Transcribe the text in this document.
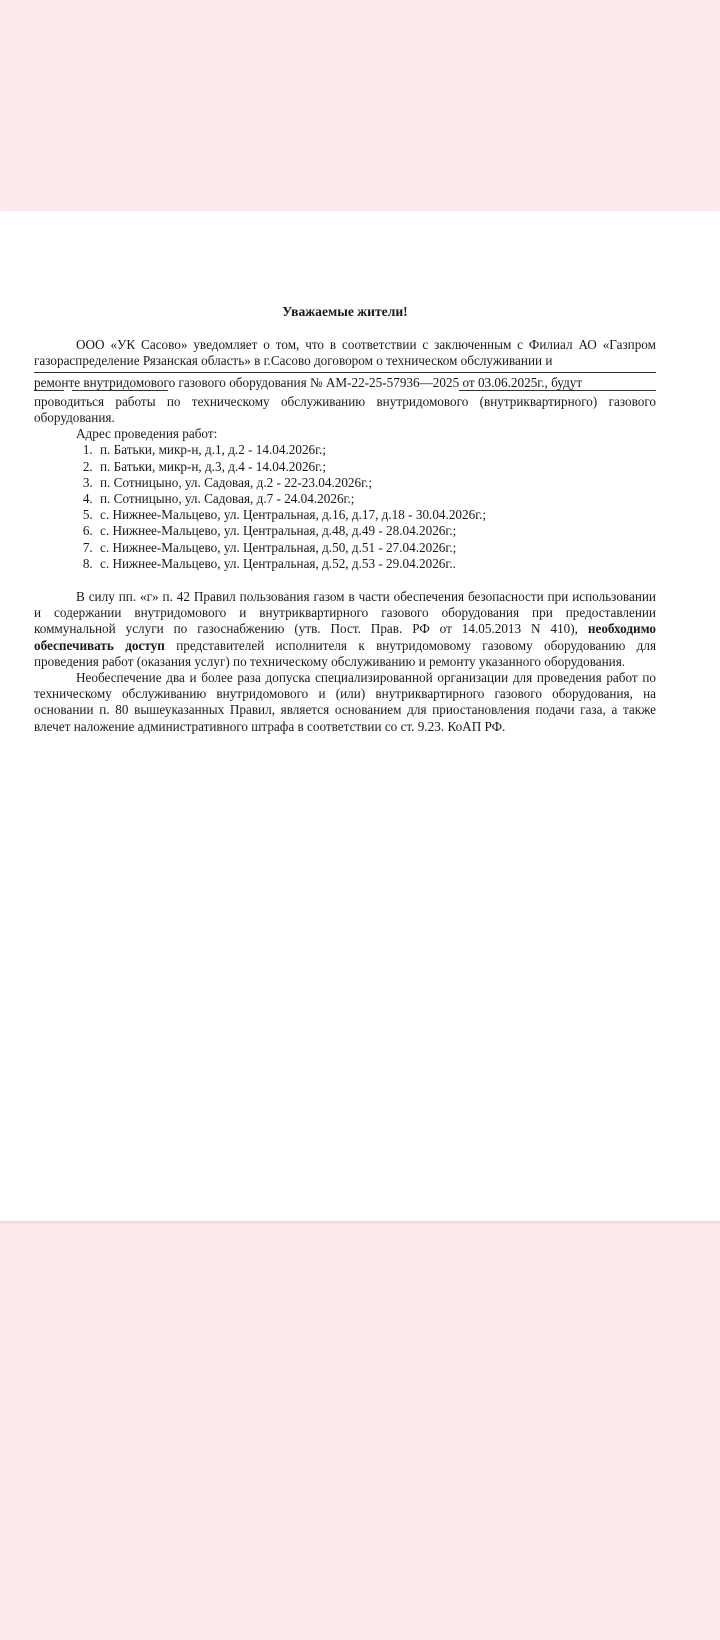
Уважаемые жители!

ООО «УК Сасово» уведомляет о том, что в соответствии с заключенным с Филиал АО «Газпром газораспределение Рязанская область» в г.Сасово договором о техническом обслуживании и

ремонте внутридомового газового оборудования № АМ-22-25-57936—2025 от 03.06.2025г., будут

проводиться работы по техническому обслуживанию внутридомового (внутриквартирного) газового оборудования.

Адрес проведения работ:

1. п. Батьки, микр-н, д.1, д.2 - 14.04.2026г.;
2. п. Батьки, микр-н, д.3, д.4 - 14.04.2026г.;
3. п. Сотницыно, ул. Садовая, д.2 - 22-23.04.2026г.;
4. п. Сотницыно, ул. Садовая, д.7 - 24.04.2026г.;
5. с. Нижнее-Мальцево, ул. Центральная, д.16, д.17, д.18 - 30.04.2026г.;
6. с. Нижнее-Мальцево, ул. Центральная, д.48, д.49 - 28.04.2026г.;
7. с. Нижнее-Мальцево, ул. Центральная, д.50, д.51 - 27.04.2026г.;
8. с. Нижнее-Мальцево, ул. Центральная, д.52, д.53 - 29.04.2026г..

В силу пп. «г» п. 42 Правил пользования газом в части обеспечения безопасности при использовании и содержании внутридомового и внутриквартирного газового оборудования при предоставлении коммунальной услуги по газоснабжению (утв. Пост. Прав. РФ от 14.05.2013 N 410), необходимо обеспечивать доступ представителей исполнителя к внутридомовому газовому оборудованию для проведения работ (оказания услуг) по техническому обслуживанию и ремонту указанного оборудования.

Необеспечение два и более раза допуска специализированной организации для проведения работ по техническому обслуживанию внутридомового и (или) внутриквартирного газового оборудования, на основании п. 80 вышеуказанных Правил, является основанием для приостановления подачи газа, а также влечет наложение административного штрафа в соответствии со ст. 9.23. КоАП РФ.
